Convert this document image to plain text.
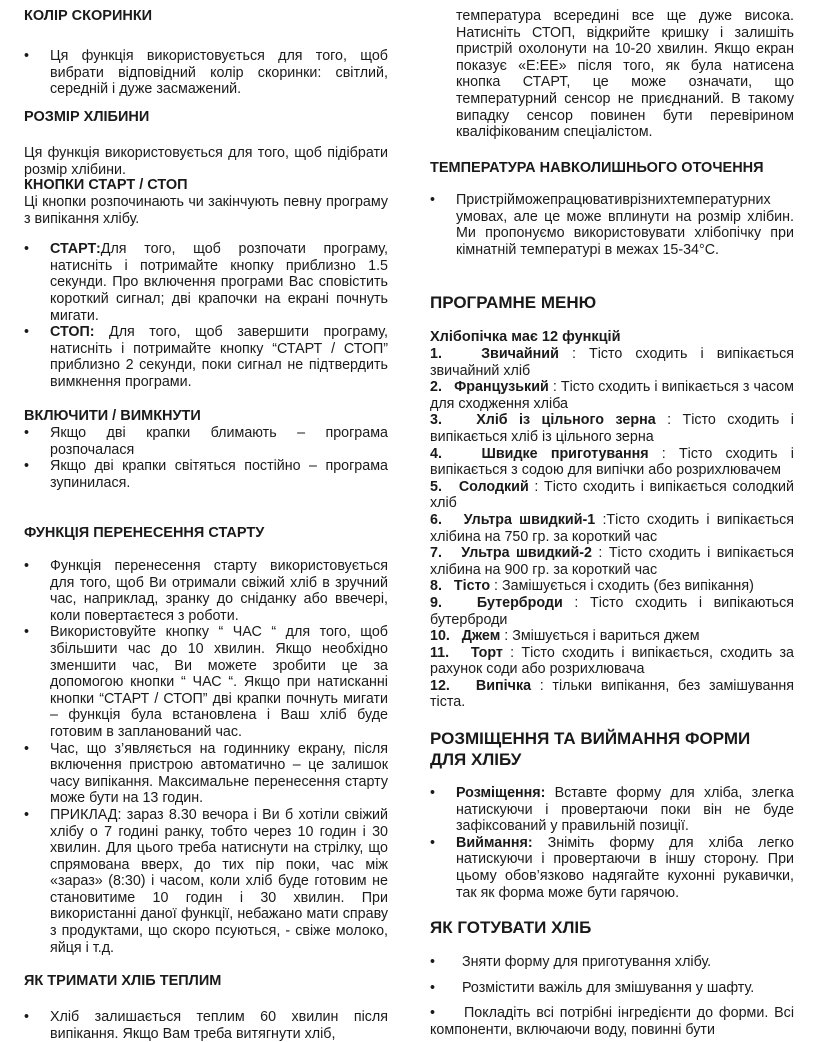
КОЛІР СКОРИНКИ

•	Ця функція використовується для того, щоб вибрати відповідний колір скоринки: світлий, середній і дуже засмажений.

РОЗМІР ХЛІБИНИ

Ця функція використовується для того, щоб підібрати розмір хлібини.

КНОПКИ СТАРТ / СТОП

Ці кнопки розпочинають чи закінчують певну програму з випікання хлібу.

•	СТАРТ:Для того, щоб розпочати програму, натисніть і потримайте кнопку приблизно 1.5 секунди. Про включення програми Вас сповістить короткий сигнал; дві крапочки на екрані почнуть мигати.
•	СТОП: Для того, щоб завершити програму, натисніть і потримайте кнопку “СТАРТ / СТОП” приблизно 2 секунди, поки сигнал не підтвердить вимкнення програми.

ВКЛЮЧИТИ / ВИМКНУТИ

•	Якщо дві крапки блимають – програма розпочалася
•	Якщо дві крапки світяться постійно – програма зупинилася.

ФУНКЦІЯ ПЕРЕНЕСЕННЯ СТАРТУ

•	Функція перенесення старту використовується для того, щоб Ви отримали свіжий хліб в зручний час, наприклад, зранку до сніданку або ввечері, коли повертаєтеся з роботи.
•	Використовуйте кнопку “ ЧАС “ для того, щоб збільшити час до 10 хвилин. Якщо необхідно зменшити час, Ви можете зробити це за допомогою кнопки “ ЧАС “. Якщо при натисканні кнопки “СТАРТ / СТОП” дві крапки почнуть мигати – функція була встановлена і Ваш хліб буде готовим в запланований час.
•	Час, що з’являється на годиннику екрану, після включення пристрою автоматично – це залишок часу випікання. Максимальне перенесення старту може бути на 13 годин.
•	ПРИКЛАД: зараз 8.30 вечора і Ви б хотіли свіжий хлібу о 7 годині ранку, тобто через 10 годин і 30 хвилин. Для цього треба натиснути на стрілку, що спрямована вверх, до тих пір поки, час між «зараз» (8:30) і часом, коли хліб буде готовим не становитиме 10 годин і 30 хвилин. При використанні даної функції, небажано мати справу з продуктами, що скоро псуються, - свіже молоко, яйця і т.д.

ЯК ТРИМАТИ ХЛІБ ТЕПЛИМ

•	Хліб залишається теплим 60 хвилин після випікання. Якщо Вам треба витягнути хліб,

температура всередині все ще дуже висока. Натисніть СТОП, відкрийте кришку і залишіть пристрій охолонути на 10-20 хвилин. Якщо екран показує «E:EE» після того, як була натисена кнопка СТАРТ, це може означати, що температурний сенсор не приєднаний. В такому випадку сенсор повинен бути перевірином кваліфікованим спеціалістом.

ТЕМПЕРАТУРА НАВКОЛИШНЬОГО ОТОЧЕННЯ

•	Пристрійможепрацювативрізнихтемпературних умовах, але це може вплинути на розмір хлібин. Ми пропонуємо використовувати хлібопічку при кімнатній температурі в межах 15-34°C.

ПРОГРАМНЕ МЕНЮ

Хлібопічка має 12 функцій

1.	Звичайний : Тісто сходить і випікається звичайний хліб

2. Французький : Тісто сходить і випікається з часом для сходження хліба

3. Хліб із цільного зерна : Тісто сходить і випікається хліб із цільного зерна

4.	Швидке приготування : Тісто сходить і випікається з содою для випічки або розрихлювачем

5. Солодкий : Тісто сходить і випікається солодкий хліб

6. Ультра швидкий-1 :Тісто сходить і випікається хлібина на 750 гр. за короткий час

7. Ультра швидкий-2 : Тісто сходить і випікається хлібина на 900 гр. за короткий час

8. Тісто : Замішується і сходить (без випікання)

9. Бутерброди : Тісто сходить і випікаються бутерброди

10. Джем : Змішується і вариться джем

11. Торт : Тісто сходить і випікається, сходить за рахунок соди або розрихлювача

12. Випічка : тільки випікання, без замішування тіста.

РОЗМІЩЕННЯ ТА ВИЙМАННЯ ФОРМИ ДЛЯ ХЛІБУ

•	Розміщення: Вставте форму для хліба, злегка натискуючи і провертаючи поки він не буде зафіксований у правильній позиції.
•	Виймання: Зніміть форму для хліба легко натискуючи і провертаючи в іншу сторону. При цьому обов’язково надягайте кухонні рукавички, так як форма може бути гарячою.

ЯК ГОТУВАТИ ХЛІБ

•	Зняти форму для приготування хлібу.
•	Розмістити важіль для змішування у шафту.

•     Покладіть всі потрібні інгредієнти до форми. Всі компоненти, включаючи воду, повинні бути
